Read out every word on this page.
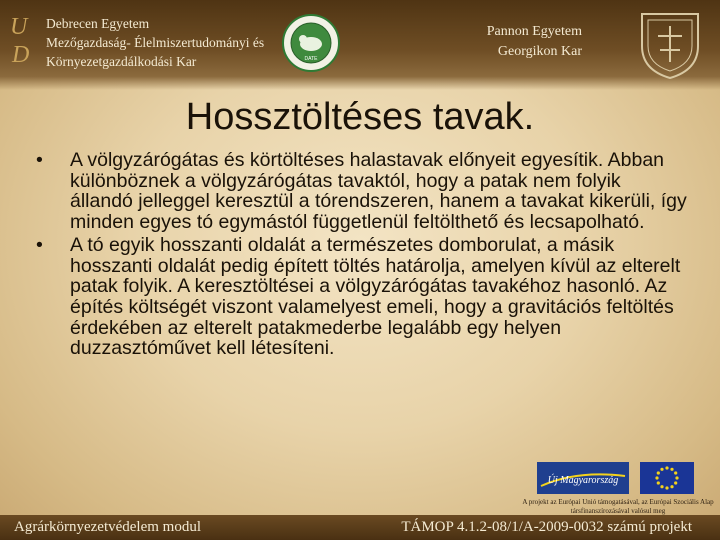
U
D
Debrecen Egyetem
Mezőgazdaság- Élelmiszertudományi és
Környezetgazdálkodási Kar	DATE
Pannon Egyetem
Georgikon Kar
Hossztöltéses tavak.
• A völgyzárógátas és körtöltéses halastavak előnyeit egyesítik. Abban különböznek a völgyzárógátas tavaktól, hogy a patak nem folyik állandó jelleggel keresztül a tórendszeren, hanem a tavakat kikerüli, így minden egyes tó egymástól függetlenül feltölthető és lecsapolható.
• A tó egyik hosszanti oldalát a természetes domborulat, a másik hosszanti oldalát pedig épített töltés határolja, amelyen kívül az elterelt patak folyik. A keresztöltései a völgyzárógátas tavakéhoz hasonló. Az építés költségét viszont valamelyest emeli, hogy a gravitációs feltöltés érdekében az elterelt patakmederbe legalább egy helyen duzzasztóművet kell létesíteni.
Új Magyarország
A projekt az Európai Unió támogatásával, az Európai Szociális Alap társfinanszírozásával valósul meg
Agrárkörnyezetvédelem modul	TÁMOP 4.1.2-08/1/A-2009-0032 számú projekt
